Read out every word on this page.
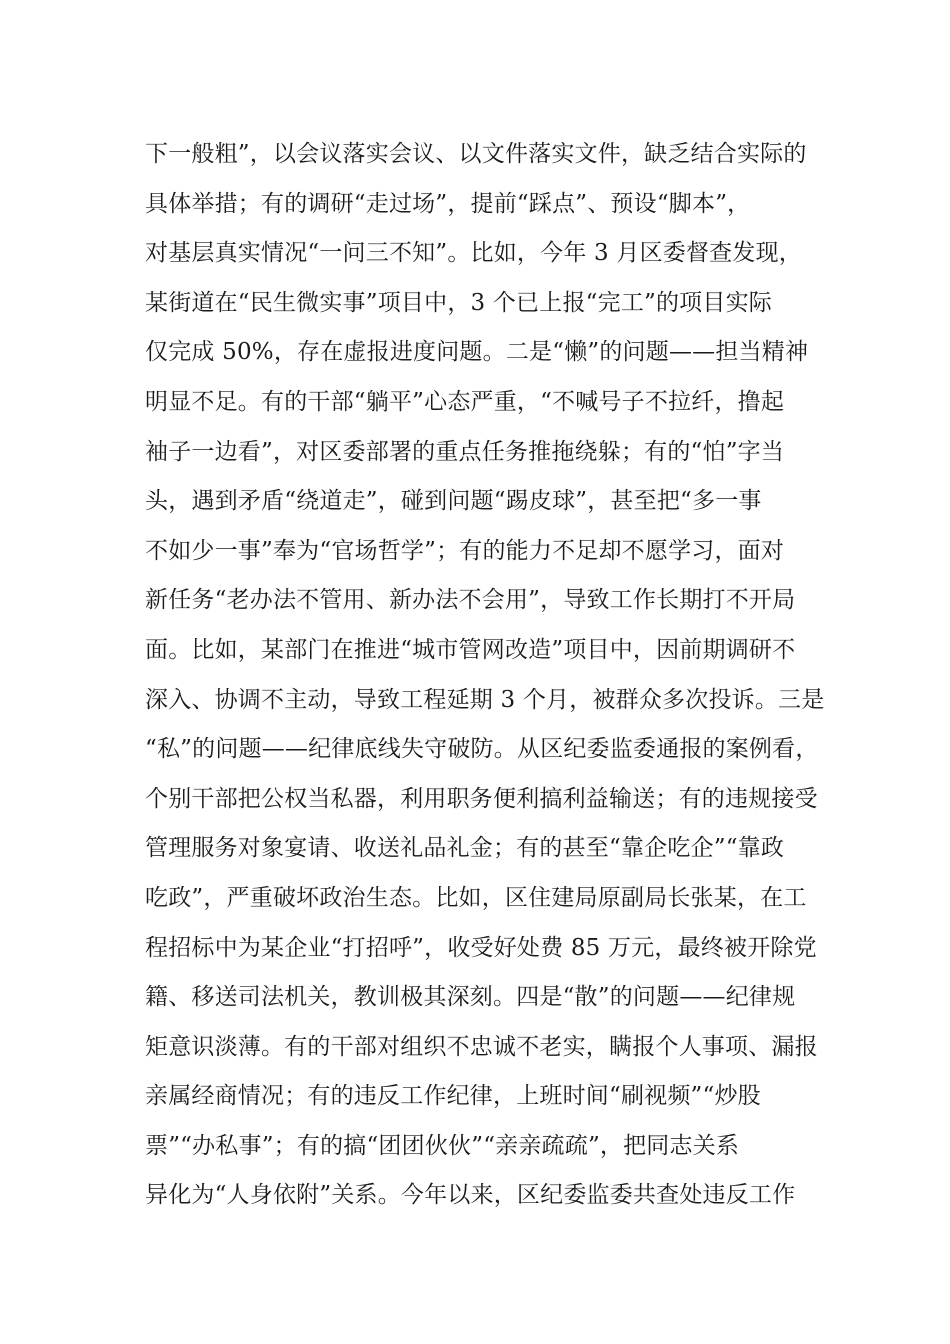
下一般粗”，以会议落实会议、以文件落实文件，缺乏结合实际的
具体举措；有的调研“走过场”，提前“踩点”、预设“脚本”，
对基层真实情况“一问三不知”。比如，今年 3 月区委督查发现，
某街道在“民生微实事”项目中，3 个已上报“完工”的项目实际
仅完成 50%，存在虚报进度问题。二是“懒”的问题——担当精神
明显不足。有的干部“躺平”心态严重，“不喊号子不拉纤，撸起
袖子一边看”，对区委部署的重点任务推拖绕躲；有的“怕”字当
头，遇到矛盾“绕道走”，碰到问题“踢皮球”，甚至把“多一事
不如少一事”奉为“官场哲学”；有的能力不足却不愿学习，面对
新任务“老办法不管用、新办法不会用”，导致工作长期打不开局
面。比如，某部门在推进“城市管网改造”项目中，因前期调研不
深入、协调不主动，导致工程延期 3 个月，被群众多次投诉。三是
“私”的问题——纪律底线失守破防。从区纪委监委通报的案例看，
个别干部把公权当私器，利用职务便利搞利益输送；有的违规接受
管理服务对象宴请、收送礼品礼金；有的甚至“靠企吃企”“靠政
吃政”，严重破坏政治生态。比如，区住建局原副局长张某，在工
程招标中为某企业“打招呼”，收受好处费 85 万元，最终被开除党
籍、移送司法机关，教训极其深刻。四是“散”的问题——纪律规
矩意识淡薄。有的干部对组织不忠诚不老实，瞒报个人事项、漏报
亲属经商情况；有的违反工作纪律，上班时间“刷视频”“炒股
票”“办私事”；有的搞“团团伙伙”“亲亲疏疏”，把同志关系
异化为“人身依附”关系。今年以来，区纪委监委共查处违反工作
